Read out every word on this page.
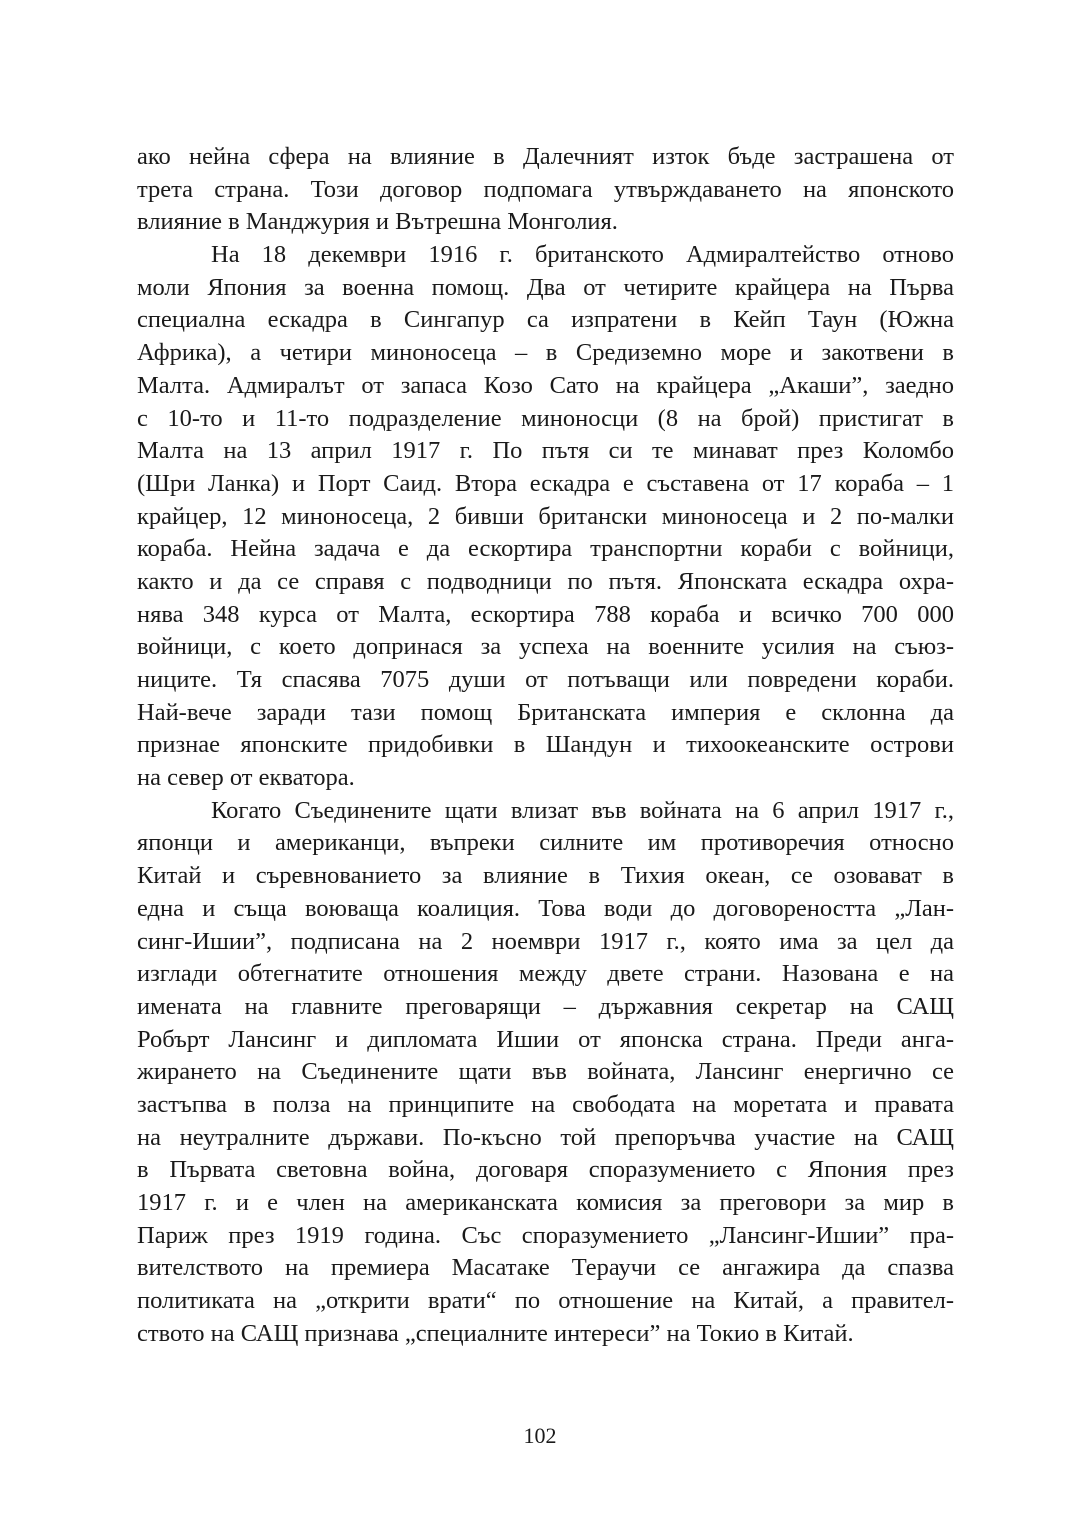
ако нейна сфера на влияние в Далечният изток бъде застрашена от
трета страна. Този договор подпомага утвърждаването на японското
влияние в Манджурия и Вътрешна Монголия.
На 18 декември 1916 г. британското Адмиралтейство отново
моли Япония за военна помощ. Два от четирите крайцера на Първа
специална ескадра в Сингапур са изпратени в Кейп Таун (Южна
Африка), а четири миноносеца – в Средиземно море и закотвени в
Малта. Адмиралът от запаса Козо Сато на крайцера „Акаши”, заедно
с 10-то и 11-то подразделение миноносци (8 на брой) пристигат в
Малта на 13 април 1917 г. По пътя си те минават през Коломбо
(Шри Ланка) и Порт Саид. Втора ескадра е съставена от 17 кораба – 1
крайцер, 12 миноносеца, 2 бивши британски миноносеца и 2 по-малки
кораба. Нейна задача е да ескортира транспортни кораби с войници,
както и да се справя с подводници по пътя. Японската ескадра охра-
нява 348 курса от Малта, ескортира 788 кораба и всичко 700 000
войници, с което допринася за успеха на военните усилия на съюз-
ниците. Тя спасява 7075 души от потъващи или повредени кораби.
Най-вече заради тази помощ Британската империя е склонна да
признае японските придобивки в Шандун и тихоокеанските острови
на север от екватора.
Когато Съединените щати влизат във войната на 6 април 1917 г.,
японци и американци, въпреки силните им противоречия относно
Китай и съревнованието за влияние в Тихия океан, се озовават в
една и съща воюваща коалиция. Това води до договореността „Лан-
синг-Ишии”, подписана на 2 ноември 1917 г., която има за цел да
изглади обтегнатите отношения между двете страни. Назована е на
имената на главните преговарящи – държавния секретар на САЩ
Робърт Лансинг и дипломата Ишии от японска страна. Преди анга-
жирането на Съединените щати във войната, Лансинг енергично се
застъпва в полза на принципите на свободата на моретата и правата
на неутралните държави. По-късно той препоръчва участие на САЩ
в Първата световна война, договаря споразумението с Япония през
1917 г. и е член на американската комисия за преговори за мир в
Париж през 1919 година. Със споразумението „Лансинг-Ишии” пра-
вителството на премиера Масатаке Тераучи се ангажира да спазва
политиката на „открити врати“ по отношение на Китай, а правител-
ството на САЩ признава „специалните интереси” на Токио в Китай.
102
